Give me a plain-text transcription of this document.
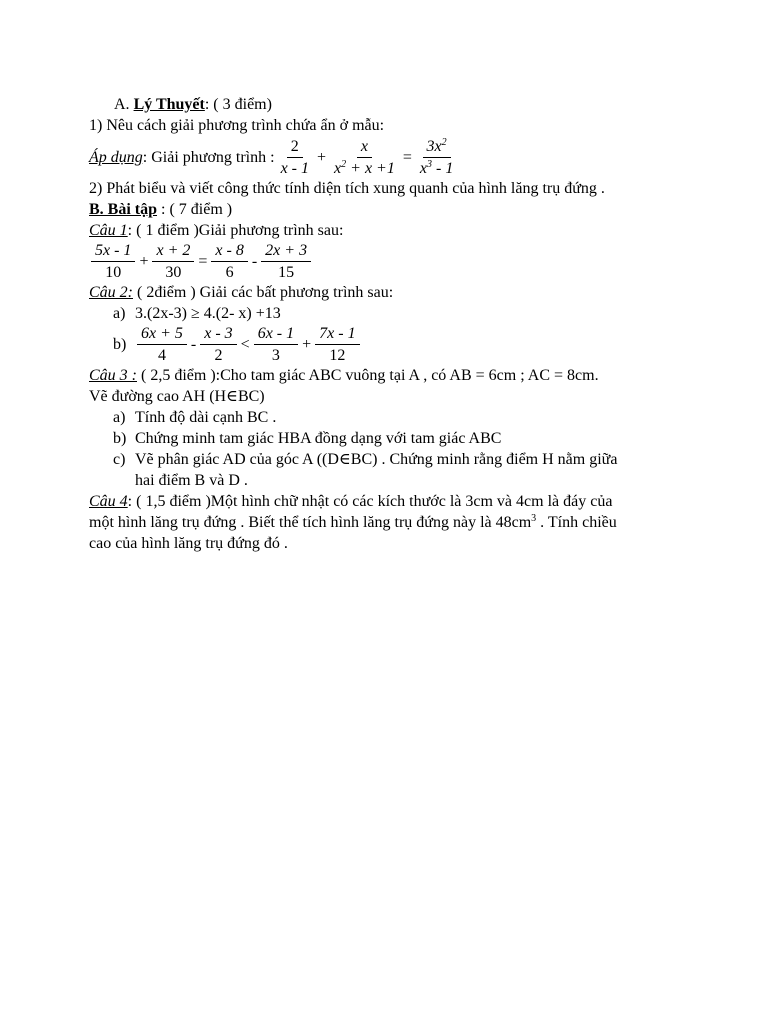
A. Lý Thuyết: ( 3 điểm)
1) Nêu cách giải phương trình chứa ẩn ở mẫu:
Áp dụng : Giải phương trình : $\frac{2}{x - 1} + \frac{x}{x^2 + x +1} = \frac{3x^2}{x^3 - 1}$
2) Phát biểu và viết công thức tính diện tích xung quanh của hình lăng trụ đứng .
B. Bài tập : ( 7 điểm )
Câu 1: ( 1 điểm )Giải phương trình sau:
$\frac{5x - 1}{10} + \frac{x + 2}{30} = \frac{x - 8}{6} - \frac{2x + 3}{15}$
Câu 2: ( 2điểm ) Giải các bất phương trình sau:
a) 3.(2x-3) ≥ 4.(2- x) +13
$b) \frac{6x + 5}{4} - \frac{x - 3}{2} < \frac{6x - 1}{3} + \frac{7x - 1}{12}$
Câu 3 : ( 2,5 điểm ):Cho tam giác ABC vuông tại A , có AB = 6cm ; AC = 8cm.
Vẽ đường cao AH (H∈BC)
a) Tính độ dài cạnh BC .
b) Chứng minh tam giác HBA đồng dạng với tam giác ABC
c) Vẽ phân giác AD của góc A ((D∈BC) . Chứng minh rằng điểm H nằm giữa
hai điểm B và D .
Câu 4: ( 1,5 điểm )Một hình chữ nhật có các kích thước là 3cm và 4cm là đáy của
một hình lăng trụ đứng . Biết thể tích hình lăng trụ đứng này là $48cm^3$ . Tính chiều
cao của hình lăng trụ đứng đó .
